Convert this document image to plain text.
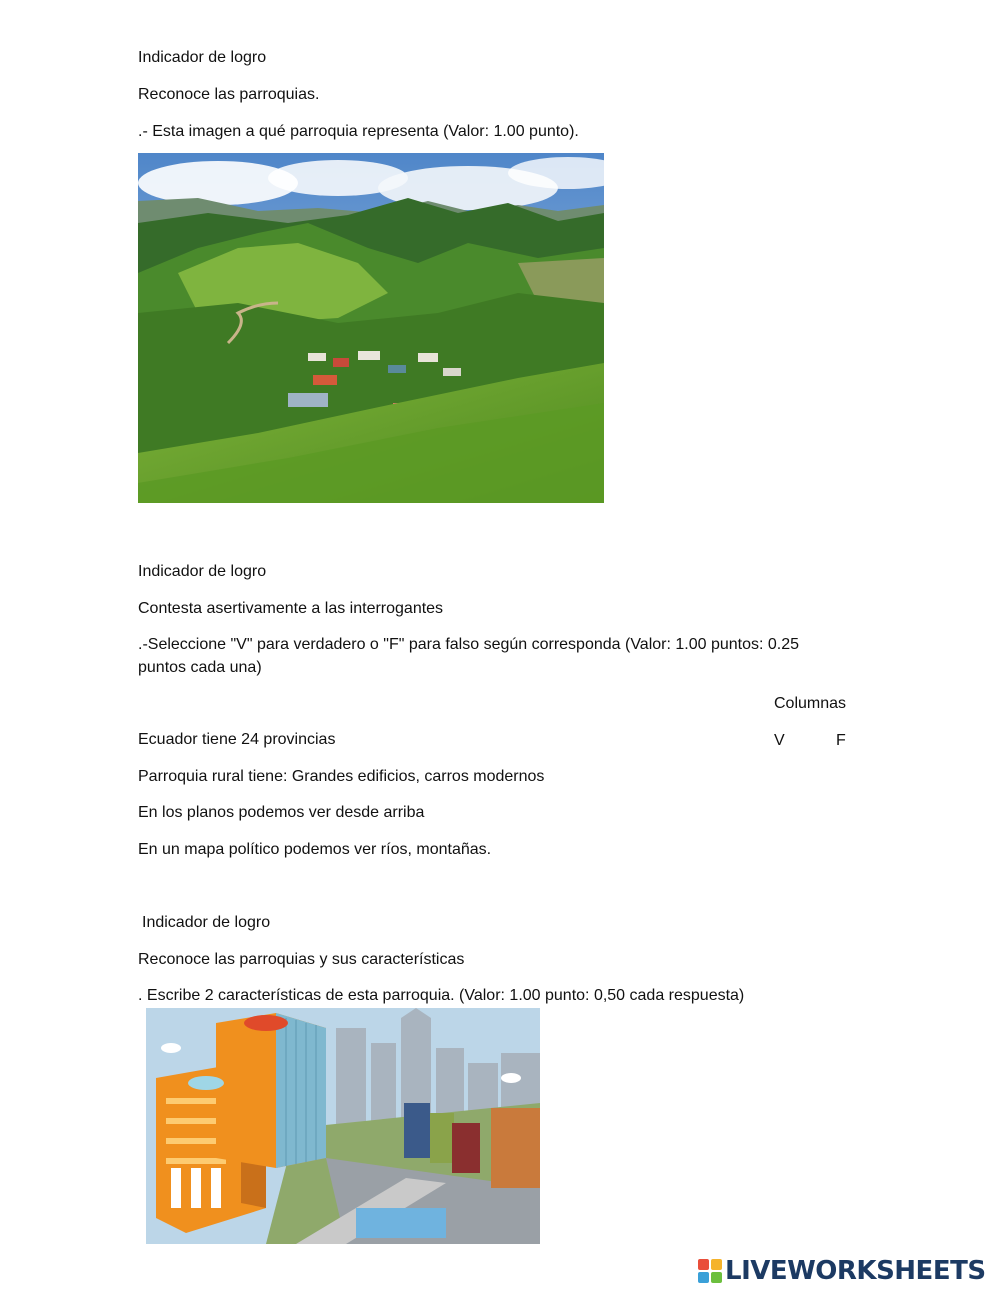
Indicador de logro
Reconoce las parroquias.
.- Esta imagen a qué parroquia representa (Valor: 1.00 punto).
Indicador de logro
Contesta asertivamente a las interrogantes
.-Seleccione "V" para verdadero o "F" para falso según corresponda (Valor: 1.00 puntos: 0.25 puntos cada una)
Columnas
V	F
Ecuador tiene 24 provincias
Parroquia rural tiene: Grandes edificios, carros modernos
En los planos podemos ver desde arriba
En un mapa político podemos ver ríos, montañas.
Indicador de logro
Reconoce las parroquias y sus características
. Escribe 2 características de esta parroquia. (Valor: 1.00 punto: 0,50 cada respuesta)
LIVEWORKSHEETS
